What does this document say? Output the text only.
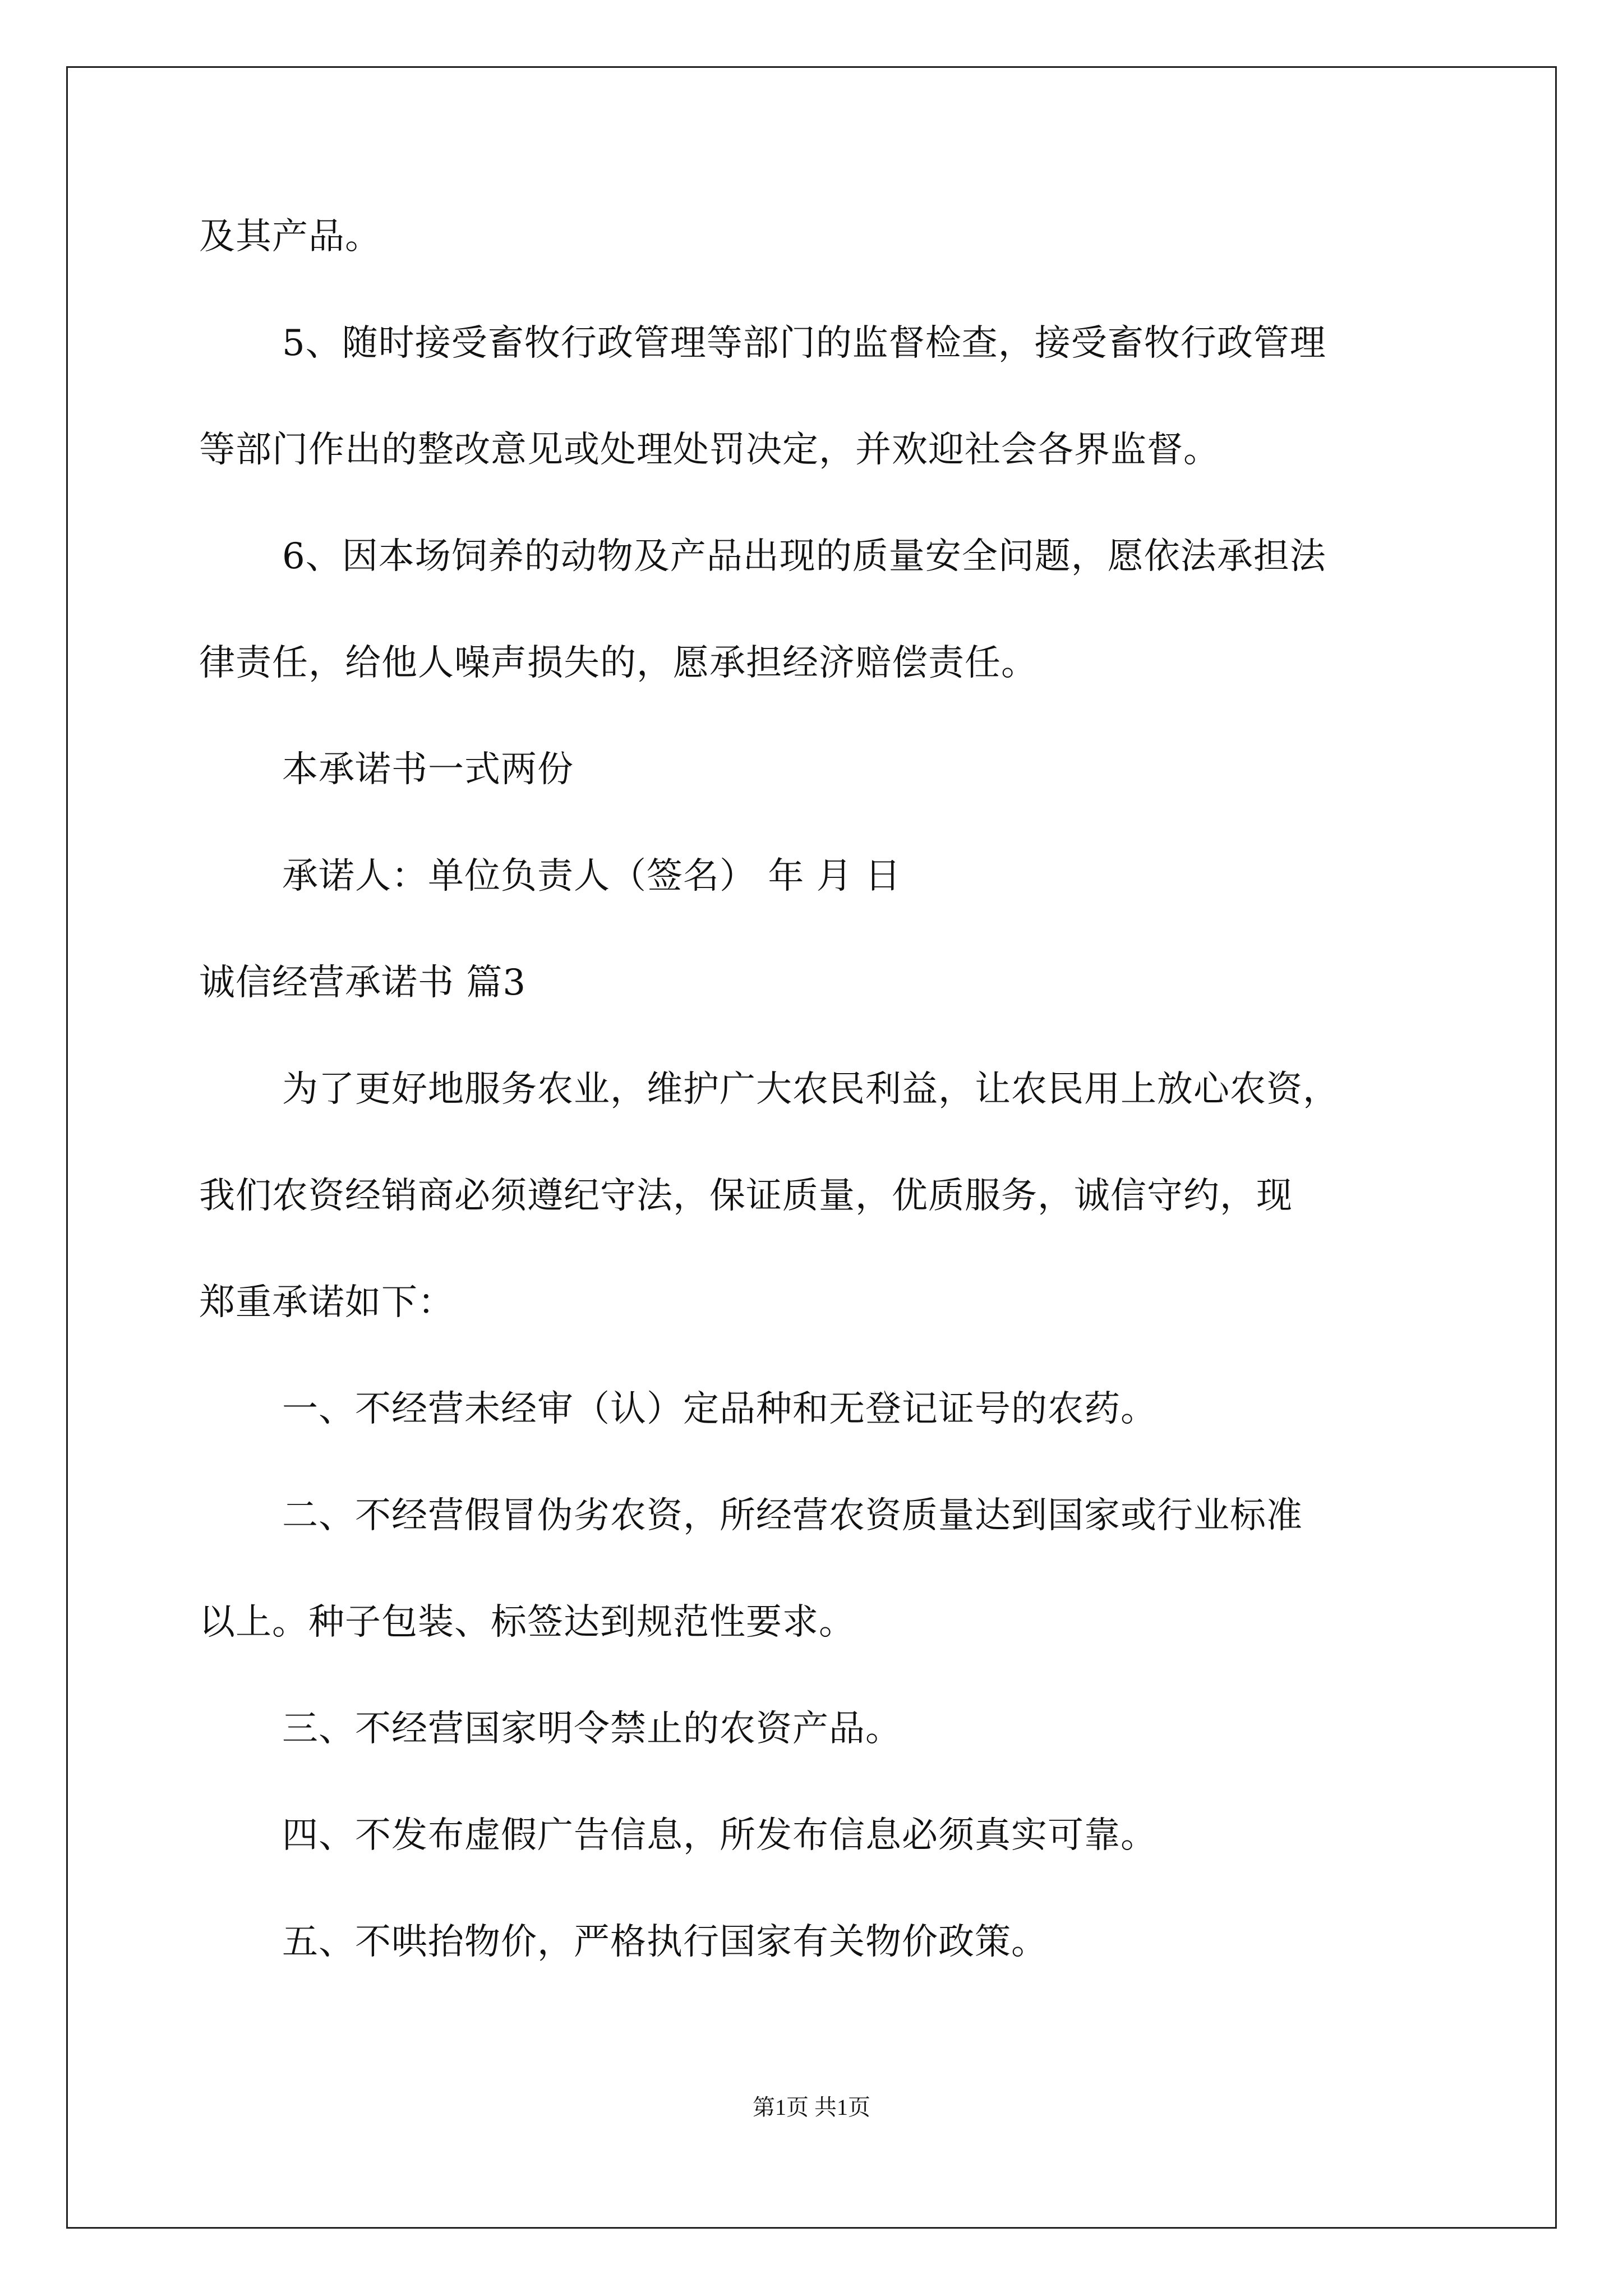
及其产品。
5、随时接受畜牧行政管理等部门的监督检查，接受畜牧行政管理
等部门作出的整改意见或处理处罚决定，并欢迎社会各界监督。
6、因本场饲养的动物及产品出现的质量安全问题，愿依法承担法
律责任，给他人噪声损失的，愿承担经济赔偿责任。
本承诺书一式两份
承诺人：单位负责人（签名） 年 月 日
诚信经营承诺书 篇3
为了更好地服务农业，维护广大农民利益，让农民用上放心农资，
我们农资经销商必须遵纪守法，保证质量，优质服务，诚信守约，现
郑重承诺如下：
一、不经营未经审（认）定品种和无登记证号的农药。
二、不经营假冒伪劣农资，所经营农资质量达到国家或行业标准
以上。种子包装、标签达到规范性要求。
三、不经营国家明令禁止的农资产品。
四、不发布虚假广告信息，所发布信息必须真实可靠。
五、不哄抬物价，严格执行国家有关物价政策。
第1页 共1页
